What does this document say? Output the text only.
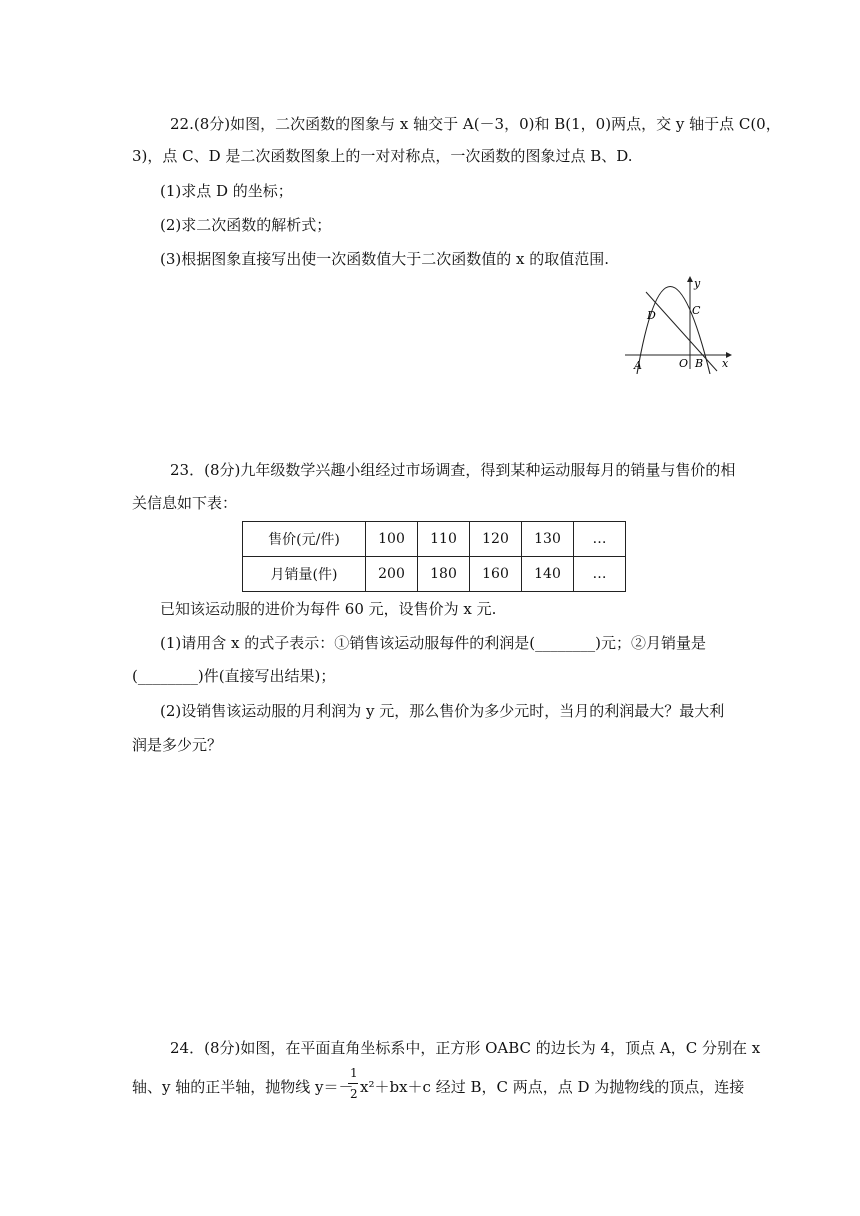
22.(8分)如图，二次函数的图象与 x 轴交于 A(－3，0)和 B(1，0)两点，交 y 轴于点 C(0，
3)，点 C、D 是二次函数图象上的一对对称点，一次函数的图象过点 B、D.
(1)求点 D 的坐标；
(2)求二次函数的解析式；
(3)根据图象直接写出使一次函数值大于二次函数值的 x 的取值范围.
y
x
C
D
A	O B
23．(8分)九年级数学兴趣小组经过市场调查，得到某种运动服每月的销量与售价的相
关信息如下表：
售价(元/件)	100	110	120	130	…
月销量(件)	200	180	160	140	…
已知该运动服的进价为每件 60 元，设售价为 x 元.
(1)请用含 x 的式子表示：①销售该运动服每件的利润是(________)元；②月销量是
(________)件(直接写出结果)；
(2)设销售该运动服的月利润为 y 元，那么售价为多少元时，当月的利润最大？最大利
润是多少元？
24．(8分)如图，在平面直角坐标系中，正方形 OABC 的边长为 4，顶点 A，C 分别在 x
轴、y 轴的正半轴，抛物线 y＝－
1
2 x²＋bx＋c 经过 B，C 两点，点 D 为抛物线的顶点，连接
